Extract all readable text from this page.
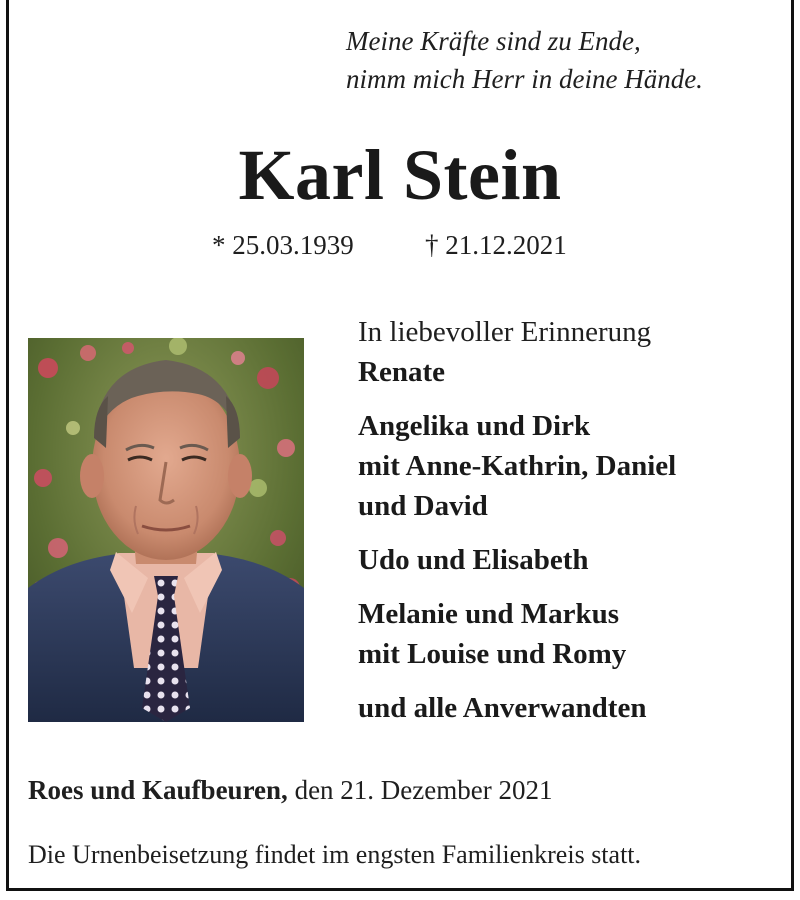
Meine Kräfte sind zu Ende,
nimm mich Herr in deine Hände.
Karl Stein
* 25.03.1939	† 21.12.2021
In liebevoller Erinnerung
Renate
Angelika und Dirk
mit Anne-Kathrin, Daniel
und David
Udo und Elisabeth
Melanie und Markus
mit Louise und Romy
und alle Anverwandten
Roes und Kaufbeuren, den 21. Dezember 2021
Die Urnenbeisetzung findet im engsten Familienkreis statt.
